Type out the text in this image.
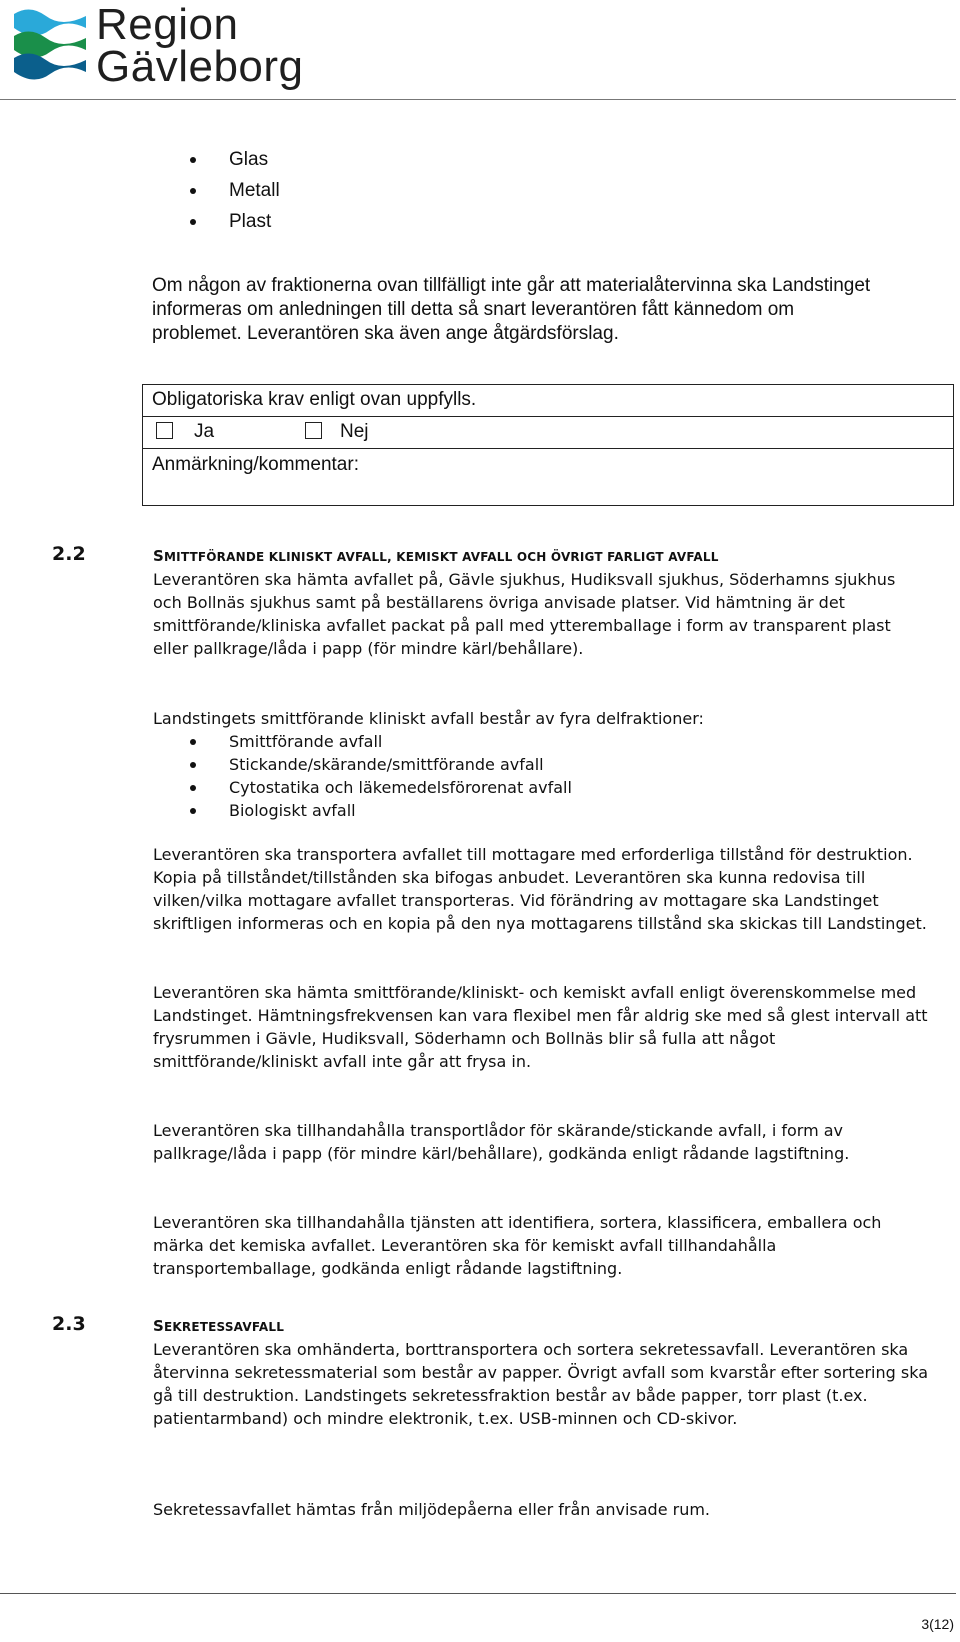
Region
Gävleborg
Glas
Metall
Plast

Om någon av fraktionerna ovan tillfälligt inte går att materialåtervinna ska Landstinget informeras om anledningen till detta så snart leverantören fått kännedom om problemet. Leverantören ska även ange åtgärdsförslag.

Obligatoriska krav enligt ovan uppfylls.
Ja	Nej
Anmärkning/kommentar:
2.2	SMITTFÖRANDE KLINISKT AVFALL, KEMISKT AVFALL OCH ÖVRIGT FARLIGT AVFALL

Leverantören ska hämta avfallet på, Gävle sjukhus, Hudiksvall sjukhus, Söderhamns sjukhus och Bollnäs sjukhus samt på beställarens övriga anvisade platser. Vid hämtning är det smittförande/kliniska avfallet packat på pall med ytteremballage i form av transparent plast eller pallkrage/låda i papp (för mindre kärl/behållare).

Landstingets smittförande kliniskt avfall består av fyra delfraktioner:

Smittförande avfall
Stickande/skärande/smittförande avfall
Cytostatika och läkemedelsförorenat avfall
Biologiskt avfall

Leverantören ska transportera avfallet till mottagare med erforderliga tillstånd för destruktion. Kopia på tillståndet/tillstånden ska bifogas anbudet. Leverantören ska kunna redovisa till vilken/vilka mottagare avfallet transporteras. Vid förändring av mottagare ska Landstinget skriftligen informeras och en kopia på den nya mottagarens tillstånd ska skickas till Landstinget.

Leverantören ska hämta smittförande/kliniskt- och kemiskt avfall enligt överenskommelse med Landstinget. Hämtningsfrekvensen kan vara flexibel men får aldrig ske med så glest intervall att frysrummen i Gävle, Hudiksvall, Söderhamn och Bollnäs blir så fulla att något smittförande/kliniskt avfall inte går att frysa in.

Leverantören ska tillhandahålla transportlådor för skärande/stickande avfall, i form av pallkrage/låda i papp (för mindre kärl/behållare), godkända enligt rådande lagstiftning.

Leverantören ska tillhandahålla tjänsten att identifiera, sortera, klassificera, emballera och märka det kemiska avfallet. Leverantören ska för kemiskt avfall tillhandahålla transportemballage, godkända enligt rådande lagstiftning.

2.3	SEKRETESSAVFALL

Leverantören ska omhänderta, borttransportera och sortera sekretessavfall. Leverantören ska återvinna sekretessmaterial som består av papper. Övrigt avfall som kvarstår efter sortering ska gå till destruktion. Landstingets sekretessfraktion består av både papper, torr plast (t.ex. patientarmband) och mindre elektronik, t.ex. USB-minnen och CD-skivor.

Sekretessavfallet hämtas från miljödepåerna eller från anvisade rum.

3(12)
